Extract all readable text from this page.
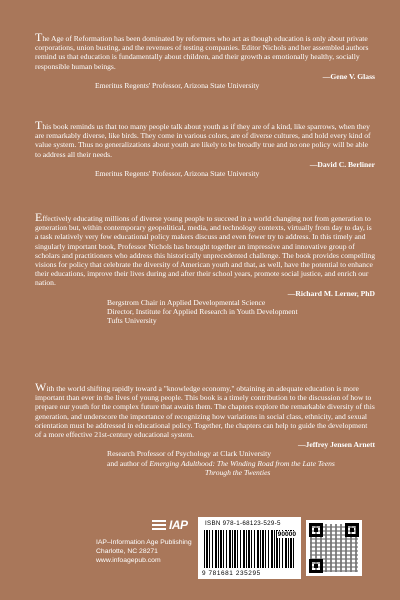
The Age of Reformation has been dominated by reformers who act as though education is only about private corporations, union busting, and the revenues of testing companies. Editor Nichols and her assembled authors remind us that education is fundamentally about children, and their growth as emotionally healthy, socially responsible human beings.

—Gene V. Glass
Emeritus Regents' Professor, Arizona State University

This book reminds us that too many people talk about youth as if they are of a kind, like sparrows, when they are remarkably diverse, like birds. They come in various colors, are of diverse cultures, and hold every kind of value system. Thus no generalizations about youth are likely to be broadly true and no one policy will be able to address all their needs.

—David C. Berliner
Emeritus Regents' Professor, Arizona State University

Effectively educating millions of diverse young people to succeed in a world changing not from generation to generation but, within contemporary geopolitical, media, and technology contexts, virtually from day to day, is a task relatively very few educational policy makers discuss and even fewer try to address. In this timely and singularly important book, Professor Nichols has brought together an impressive and innovative group of scholars and practitioners who address this historically unprecedented challenge. The book provides compelling visions for policy that celebrate the diversity of American youth and that, as well, have the potential to enhance their educations, improve their lives during and after their school years, promote social justice, and enrich our nation.

—Richard M. Lerner, PhD
Bergstrom Chair in Applied Developmental Science
Director, Institute for Applied Research in Youth Development
Tufts University

With the world shifting rapidly toward a "knowledge economy," obtaining an adequate education is more important than ever in the lives of young people. This book is a timely contribution to the discussion of how to prepare our youth for the complex future that awaits them. The chapters explore the remarkable diversity of this generation, and underscore the importance of recognizing how variations in social class, ethnicity, and sexual orientation must be addressed in educational policy. Together, the chapters can help to guide the development of a more effective 21st-century educational system.

—Jeffrey Jensen Arnett
Research Professor of Psychology at Clark University
and author of Emerging Adulthood: The Winding Road from the Late Teens
Through the Twenties
IAP
IAP–Information Age Publishing
Charlotte, NC 28271
www.infoagepub.com
ISBN 978-1-68123-529-5
90000
9 781681 235295
